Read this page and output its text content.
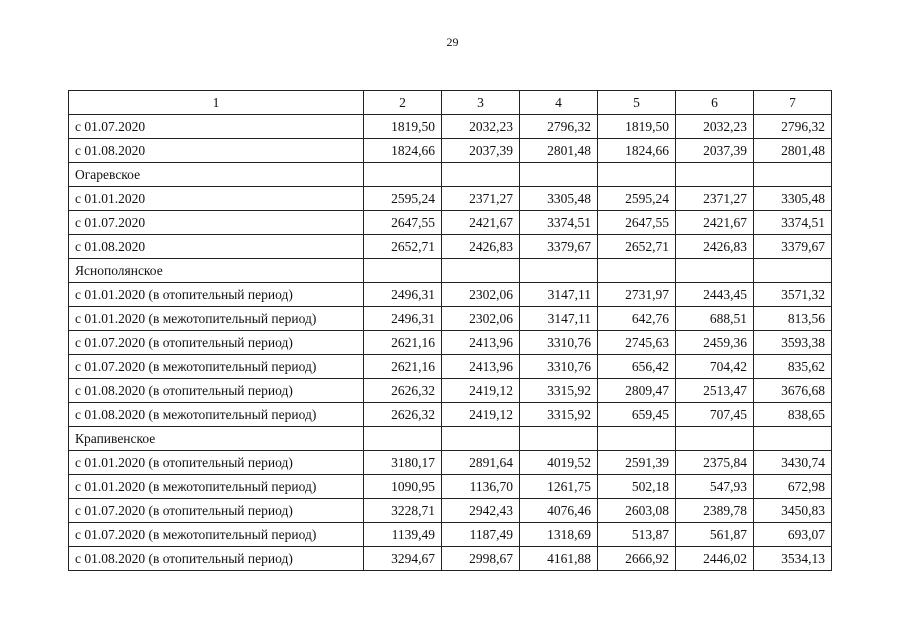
29
1	2	3	4	5	6	7
с 01.07.2020	1819,50	2032,23	2796,32	1819,50	2032,23	2796,32
с 01.08.2020	1824,66	2037,39	2801,48	1824,66	2037,39	2801,48
Огаревское						
с 01.01.2020	2595,24	2371,27	3305,48	2595,24	2371,27	3305,48
с 01.07.2020	2647,55	2421,67	3374,51	2647,55	2421,67	3374,51
с 01.08.2020	2652,71	2426,83	3379,67	2652,71	2426,83	3379,67
Яснополянское						
с 01.01.2020 (в отопительный период)	2496,31	2302,06	3147,11	2731,97	2443,45	3571,32
с 01.01.2020 (в межотопительный период)	2496,31	2302,06	3147,11	642,76	688,51	813,56
с 01.07.2020 (в отопительный период)	2621,16	2413,96	3310,76	2745,63	2459,36	3593,38
с 01.07.2020 (в межотопительный период)	2621,16	2413,96	3310,76	656,42	704,42	835,62
с 01.08.2020 (в отопительный период)	2626,32	2419,12	3315,92	2809,47	2513,47	3676,68
с 01.08.2020 (в межотопительный период)	2626,32	2419,12	3315,92	659,45	707,45	838,65
Крапивенское						
с 01.01.2020 (в отопительный период)	3180,17	2891,64	4019,52	2591,39	2375,84	3430,74
с 01.01.2020 (в межотопительный период)	1090,95	1136,70	1261,75	502,18	547,93	672,98
с 01.07.2020 (в отопительный период)	3228,71	2942,43	4076,46	2603,08	2389,78	3450,83
с 01.07.2020 (в межотопительный период)	1139,49	1187,49	1318,69	513,87	561,87	693,07
с 01.08.2020 (в отопительный период)	3294,67	2998,67	4161,88	2666,92	2446,02	3534,13
